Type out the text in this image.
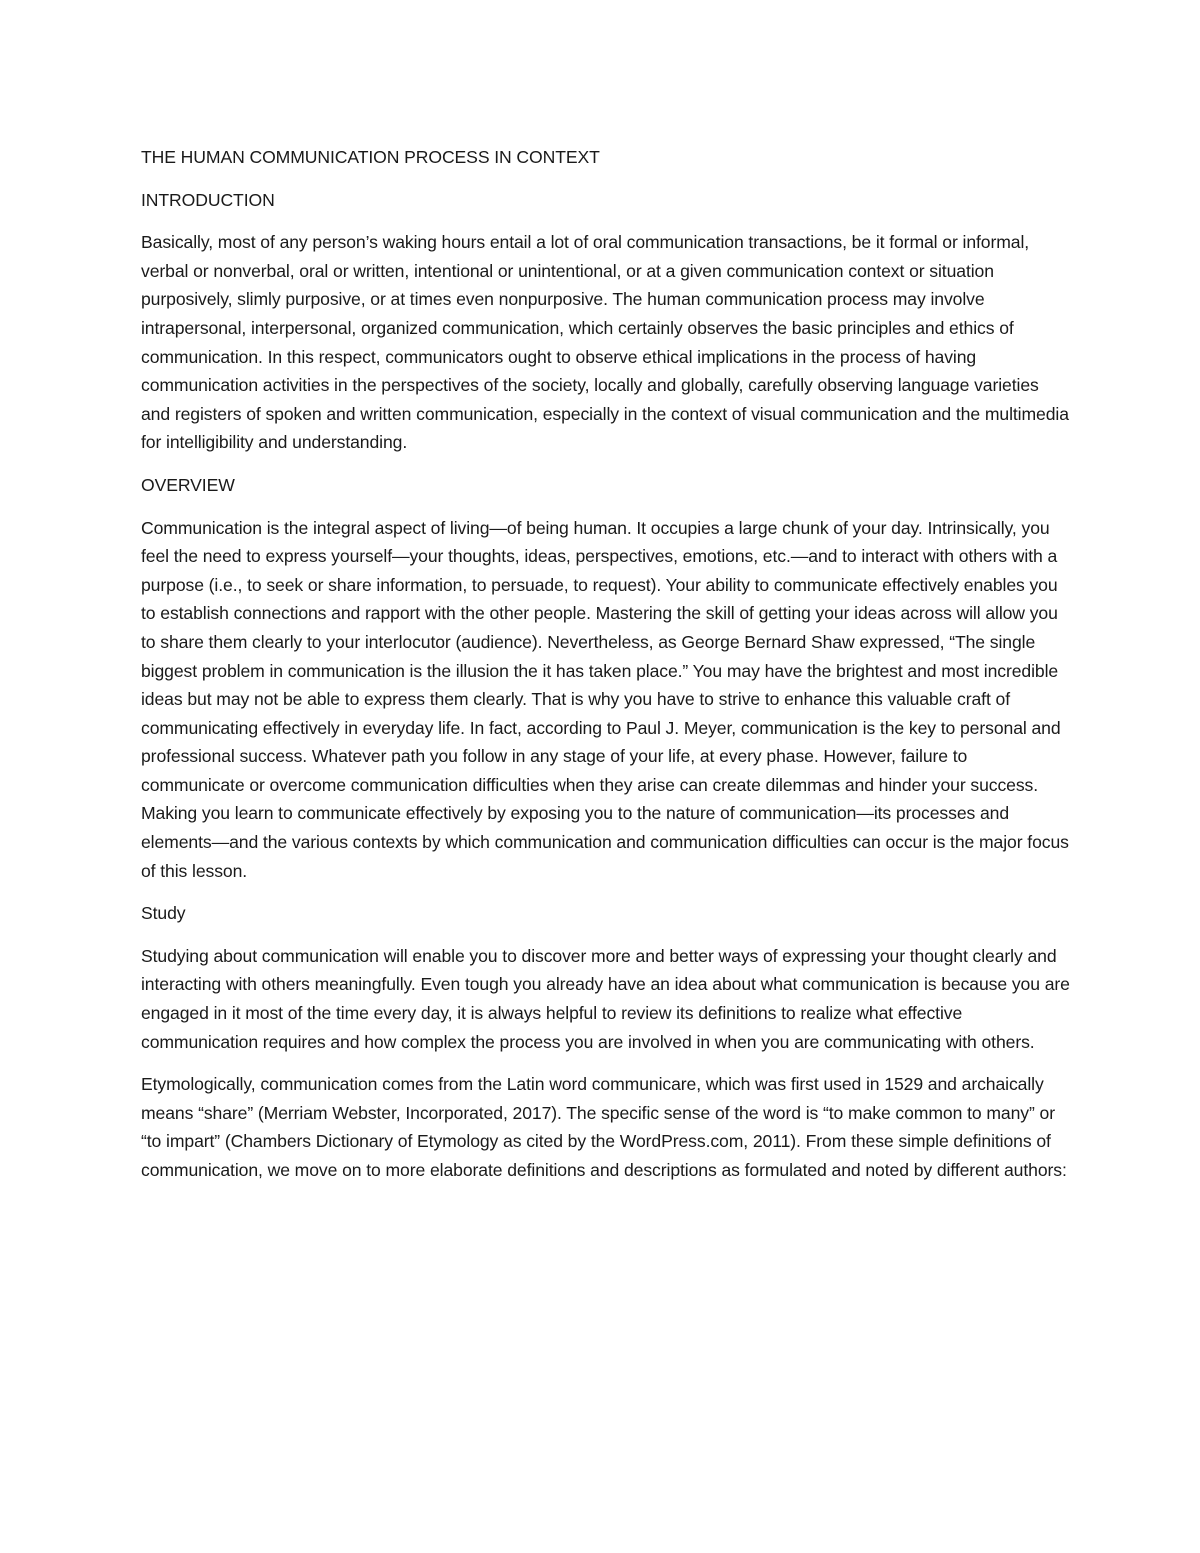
THE HUMAN COMMUNICATION PROCESS IN CONTEXT

INTRODUCTION

Basically, most of any person’s waking hours entail a lot of oral communication transactions, be it formal or informal, verbal or nonverbal, oral or written, intentional or unintentional, or at a given communication context or situation purposively, slimly purposive, or at times even nonpurposive. The human communication process may involve intrapersonal, interpersonal, organized communication, which certainly observes the basic principles and ethics of communication. In this respect, communicators ought to observe ethical implications in the process of having communication activities in the perspectives of the society, locally and globally, carefully observing language varieties and registers of spoken and written communication, especially in the context of visual communication and the multimedia for intelligibility and understanding.

OVERVIEW

Communication is the integral aspect of living—of being human. It occupies a large chunk of your day. Intrinsically, you feel the need to express yourself—your thoughts, ideas, perspectives, emotions, etc.—and to interact with others with a purpose (i.e., to seek or share information, to persuade, to request). Your ability to communicate effectively enables you to establish connections and rapport with the other people. Mastering the skill of getting your ideas across will allow you to share them clearly to your interlocutor (audience). Nevertheless, as George Bernard Shaw expressed, “The single biggest problem in communication is the illusion the it has taken place.” You may have the brightest and most incredible ideas but may not be able to express them clearly. That is why you have to strive to enhance this valuable craft of communicating effectively in everyday life. In fact, according to Paul J. Meyer, communication is the key to personal and professional success. Whatever path you follow in any stage of your life, at every phase. However, failure to communicate or overcome communication difficulties when they arise can create dilemmas and hinder your success. Making you learn to communicate effectively by exposing you to the nature of communication—its processes and elements—and the various contexts by which communication and communication difficulties can occur is the major focus of this lesson.

Study

Studying about communication will enable you to discover more and better ways of expressing your thought clearly and interacting with others meaningfully. Even tough you already have an idea about what communication is because you are engaged in it most of the time every day, it is always helpful to review its definitions to realize what effective communication requires and how complex the process you are involved in when you are communicating with others.

Etymologically, communication comes from the Latin word communicare, which was first used in 1529 and archaically means “share” (Merriam Webster, Incorporated, 2017). The specific sense of the word is “to make common to many” or “to impart” (Chambers Dictionary of Etymology as cited by the WordPress.com, 2011). From these simple definitions of communication, we move on to more elaborate definitions and descriptions as formulated and noted by different authors:
